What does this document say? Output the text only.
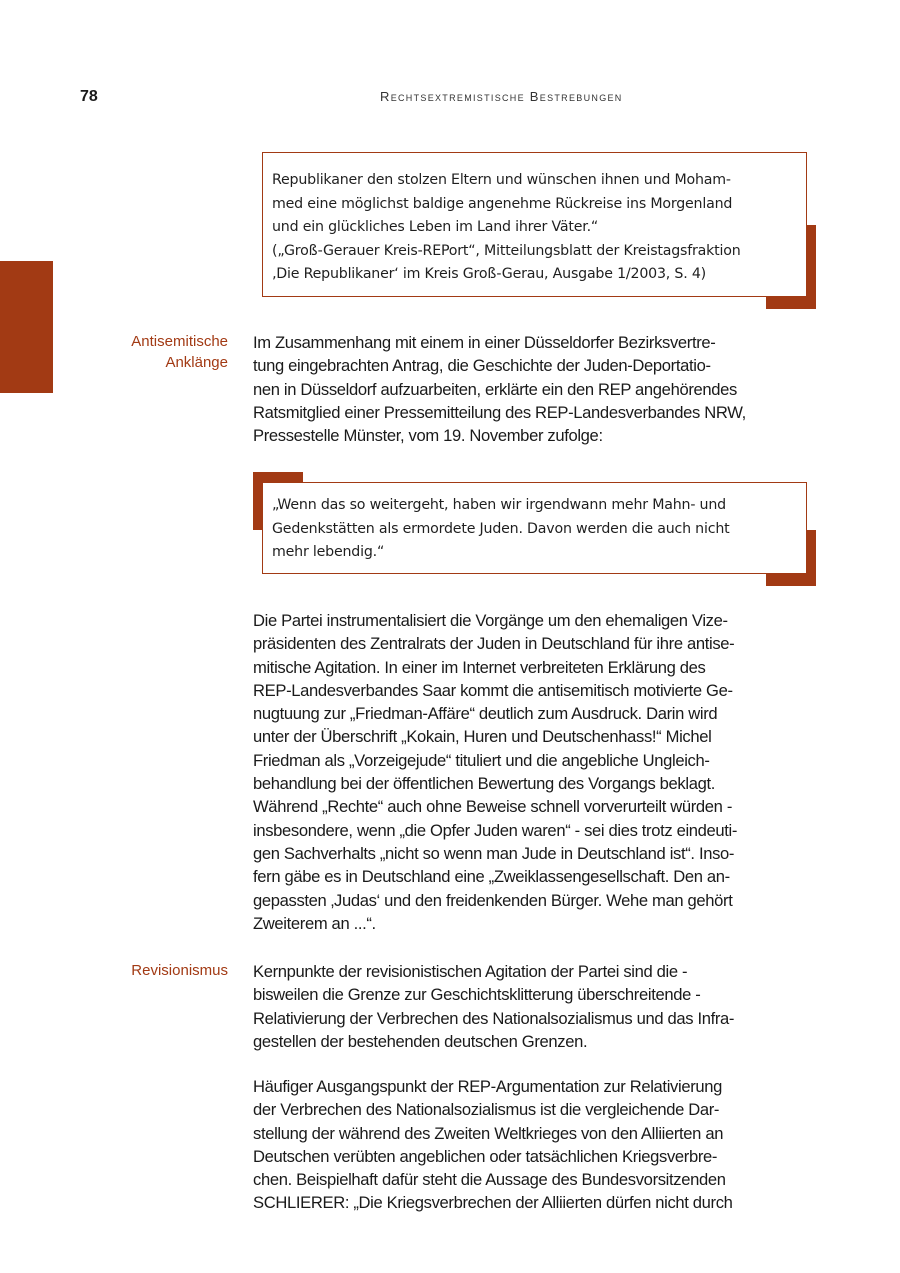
78	Rechtsextremistische Bestrebungen
Republikaner den stolzen Eltern und wünschen ihnen und Moham-
med eine möglichst baldige angenehme Rückreise ins Morgenland
und ein glückliches Leben im Land ihrer Väter.“
(„Groß-Gerauer Kreis-REPort“, Mitteilungsblatt der Kreistagsfraktion
‚Die Republikaner‘ im Kreis Groß-Gerau, Ausgabe 1/2003, S. 4)
Antisemitische
Anklänge
Im Zusammenhang mit einem in einer Düsseldorfer Bezirksvertre-
tung eingebrachten Antrag, die Geschichte der Juden-Deportatio-
nen in Düsseldorf aufzuarbeiten, erklärte ein den REP angehörendes
Ratsmitglied einer Pressemitteilung des REP-Landesverbandes NRW,
Pressestelle Münster, vom 19. November zufolge:
„Wenn das so weitergeht, haben wir irgendwann mehr Mahn- und
Gedenkstätten als ermordete Juden. Davon werden die auch nicht
mehr lebendig.“
Die Partei instrumentalisiert die Vorgänge um den ehemaligen Vize-
präsidenten des Zentralrats der Juden in Deutschland für ihre antise-
mitische Agitation. In einer im Internet verbreiteten Erklärung des
REP-Landesverbandes Saar kommt die antisemitisch motivierte Ge-
nugtuung zur „Friedman-Affäre“ deutlich zum Ausdruck. Darin wird
unter der Überschrift „Kokain, Huren und Deutschenhass!“ Michel
Friedman als „Vorzeigejude“ tituliert und die angebliche Ungleich-
behandlung bei der öffentlichen Bewertung des Vorgangs beklagt.
Während „Rechte“ auch ohne Beweise schnell vorverurteilt würden -
insbesondere, wenn „die Opfer Juden waren“ - sei dies trotz eindeuti-
gen Sachverhalts „nicht so wenn man Jude in Deutschland ist“. Inso-
fern gäbe es in Deutschland eine „Zweiklassengesellschaft. Den an-
gepassten ‚Judas‘ und den freidenkenden Bürger. Wehe man gehört
Zweiterem an ...“.
Revisionismus Kernpunkte der revisionistischen Agitation der Partei sind die -
bisweilen die Grenze zur Geschichtsklitterung überschreitende -
Relativierung der Verbrechen des Nationalsozialismus und das Infra-
gestellen der bestehenden deutschen Grenzen.
Häufiger Ausgangspunkt der REP-Argumentation zur Relativierung
der Verbrechen des Nationalsozialismus ist die vergleichende Dar-
stellung der während des Zweiten Weltkrieges von den Alliierten an
Deutschen verübten angeblichen oder tatsächlichen Kriegsverbre-
chen. Beispielhaft dafür steht die Aussage des Bundesvorsitzenden
SCHLIERER: „Die Kriegsverbrechen der Alliierten dürfen nicht durch
